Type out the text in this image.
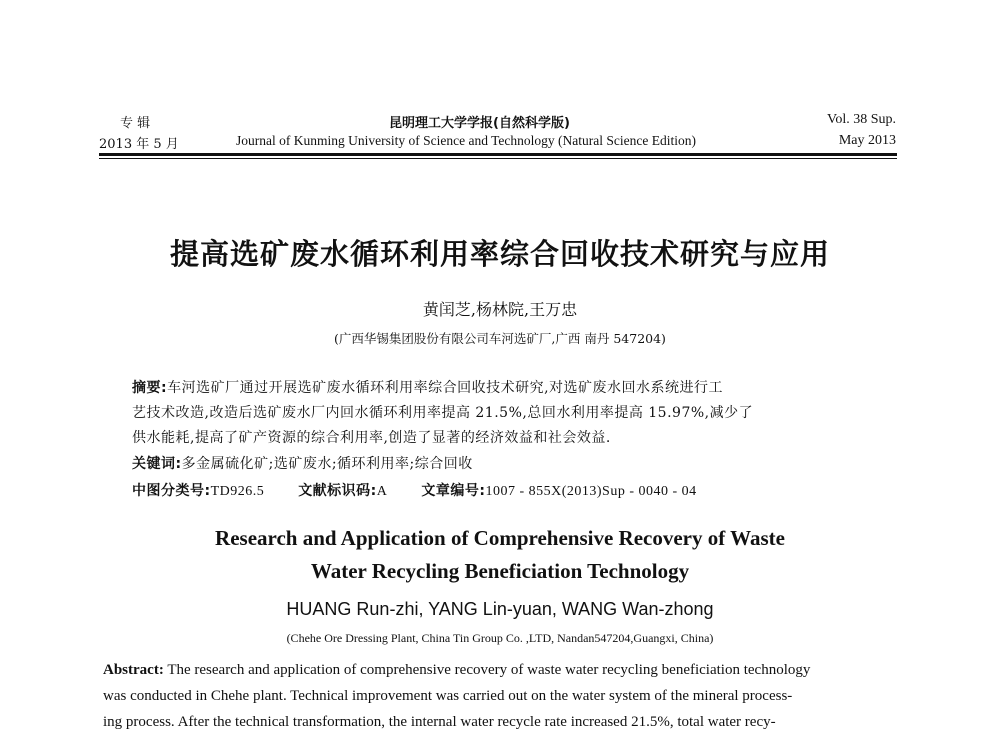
专 辑
2013 年 5 月
昆明理工大学学报(自然科学版)
Journal of Kunming University of Science and Technology (Natural Science Edition)
Vol. 38 Sup.
May 2013
提高选矿废水循环利用率综合回收技术研究与应用
黄闰芝,杨林院,王万忠
(广西华锡集团股份有限公司车河选矿厂,广西 南丹 547204)
摘要:车河选矿厂通过开展选矿废水循环利用率综合回收技术研究,对选矿废水回水系统进行工
艺技术改造,改造后选矿废水厂内回水循环利用率提高 21.5%,总回水利用率提高 15.97%,减少了
供水能耗,提高了矿产资源的综合利用率,创造了显著的经济效益和社会效益.
关键词:多金属硫化矿;选矿废水;循环利用率;综合回收
中图分类号:TD926.5 文献标识码:A 文章编号:1007 - 855X(2013)Sup - 0040 - 04
Research and Application of Comprehensive Recovery of Waste
Water Recycling Beneficiation Technology
HUANG Run-zhi, YANG Lin-yuan, WANG Wan-zhong
(Chehe Ore Dressing Plant, China Tin Group Co. ,LTD, Nandan547204,Guangxi, China)
Abstract: The research and application of comprehensive recovery of waste water recycling beneficiation technology
was conducted in Chehe plant. Technical improvement was carried out on the water system of the mineral process-
ing process. After the technical transformation, the internal water recycle rate increased 21.5%, total water recy-
